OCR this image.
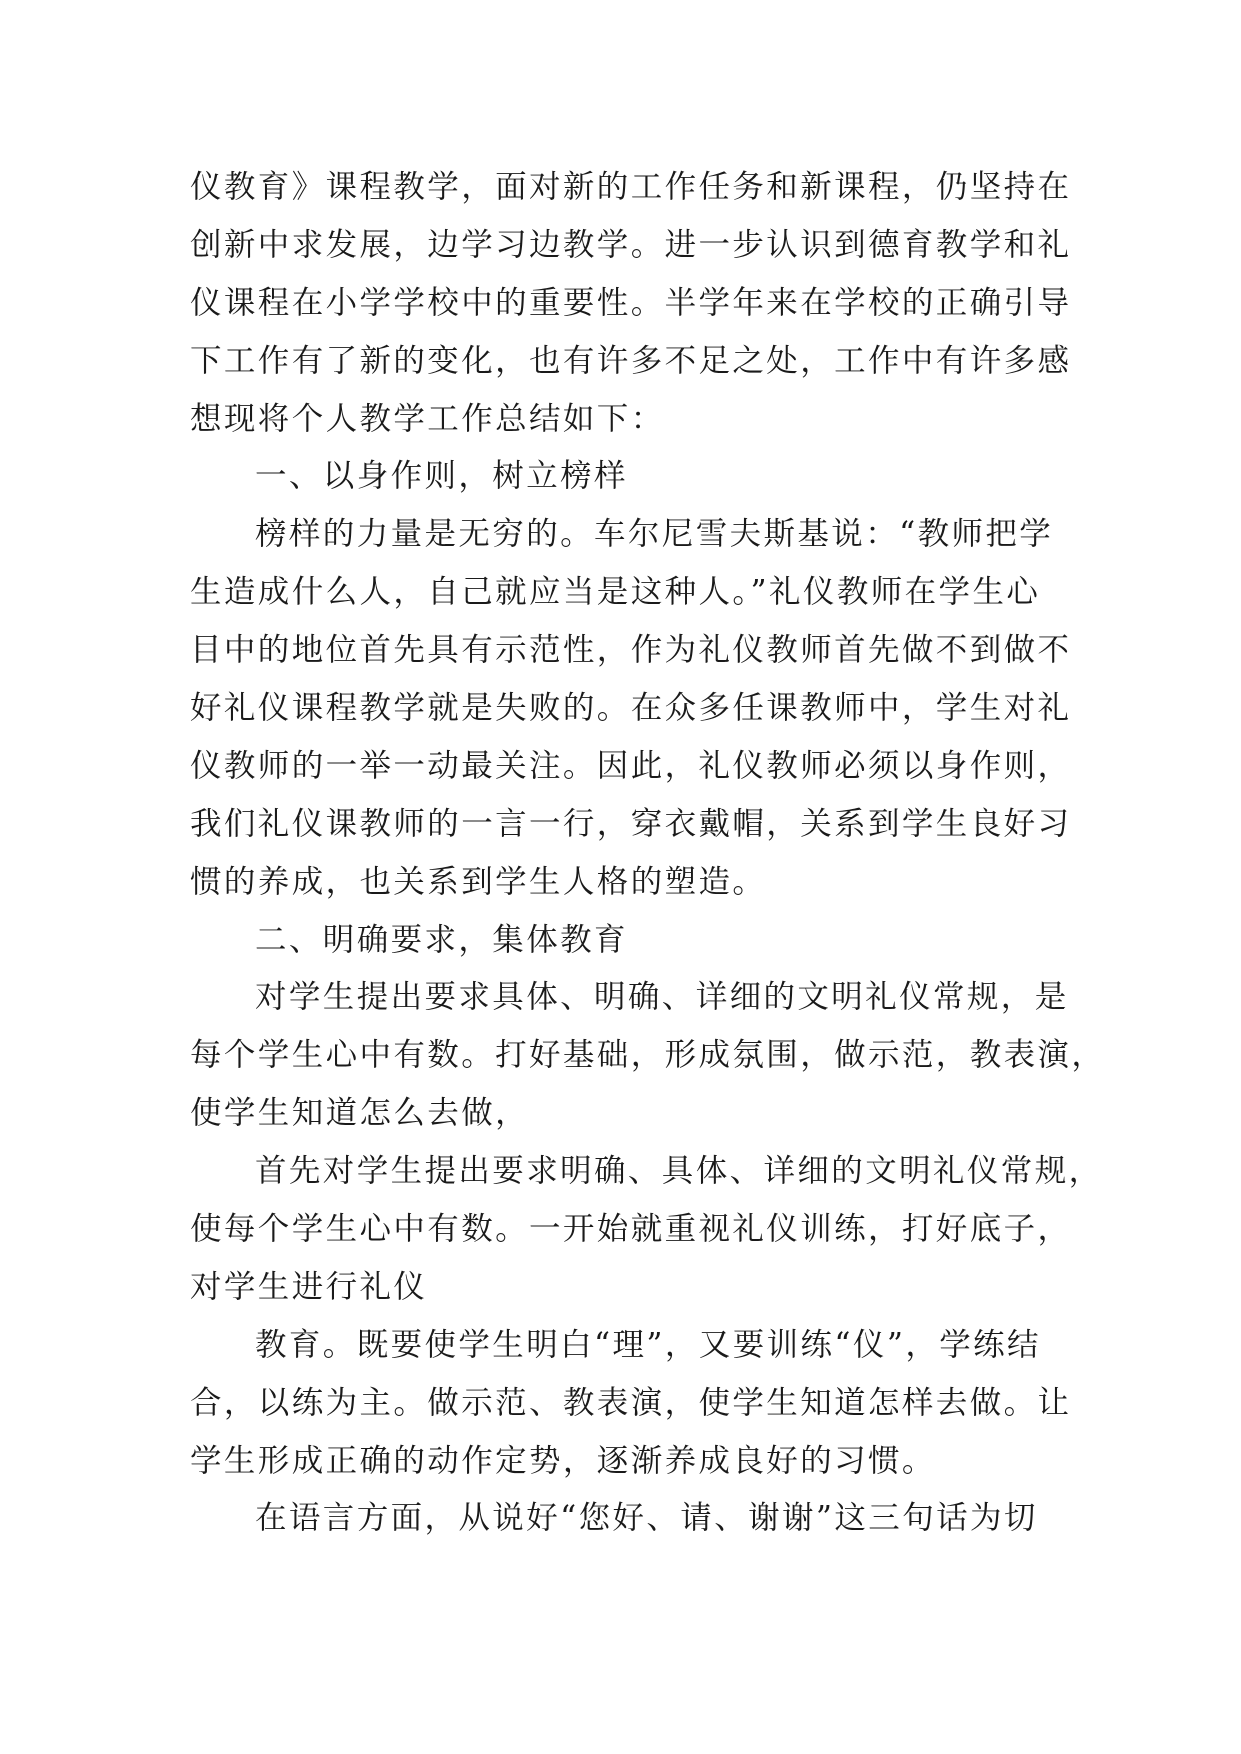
仪教育》课程教学，面对新的工作任务和新课程，仍坚持在
创新中求发展，边学习边教学。进一步认识到德育教学和礼
仪课程在小学学校中的重要性。半学年来在学校的正确引导
下工作有了新的变化，也有许多不足之处，工作中有许多感
想现将个人教学工作总结如下：
一、以身作则，树立榜样
榜样的力量是无穷的。车尔尼雪夫斯基说：“教师把学
生造成什么人，自己就应当是这种人。”礼仪教师在学生心
目中的地位首先具有示范性，作为礼仪教师首先做不到做不
好礼仪课程教学就是失败的。在众多任课教师中，学生对礼
仪教师的一举一动最关注。因此，礼仪教师必须以身作则，
我们礼仪课教师的一言一行，穿衣戴帽，关系到学生良好习
惯的养成，也关系到学生人格的塑造。
二、明确要求，集体教育
对学生提出要求具体、明确、详细的文明礼仪常规，是
每个学生心中有数。打好基础，形成氛围，做示范，教表演，
使学生知道怎么去做，
首先对学生提出要求明确、具体、详细的文明礼仪常规，
使每个学生心中有数。一开始就重视礼仪训练，打好底子，
对学生进行礼仪
教育。既要使学生明白“理”，又要训练“仪”，学练结
合，以练为主。做示范、教表演，使学生知道怎样去做。让
学生形成正确的动作定势，逐渐养成良好的习惯。
在语言方面，从说好“您好、请、谢谢”这三句话为切
